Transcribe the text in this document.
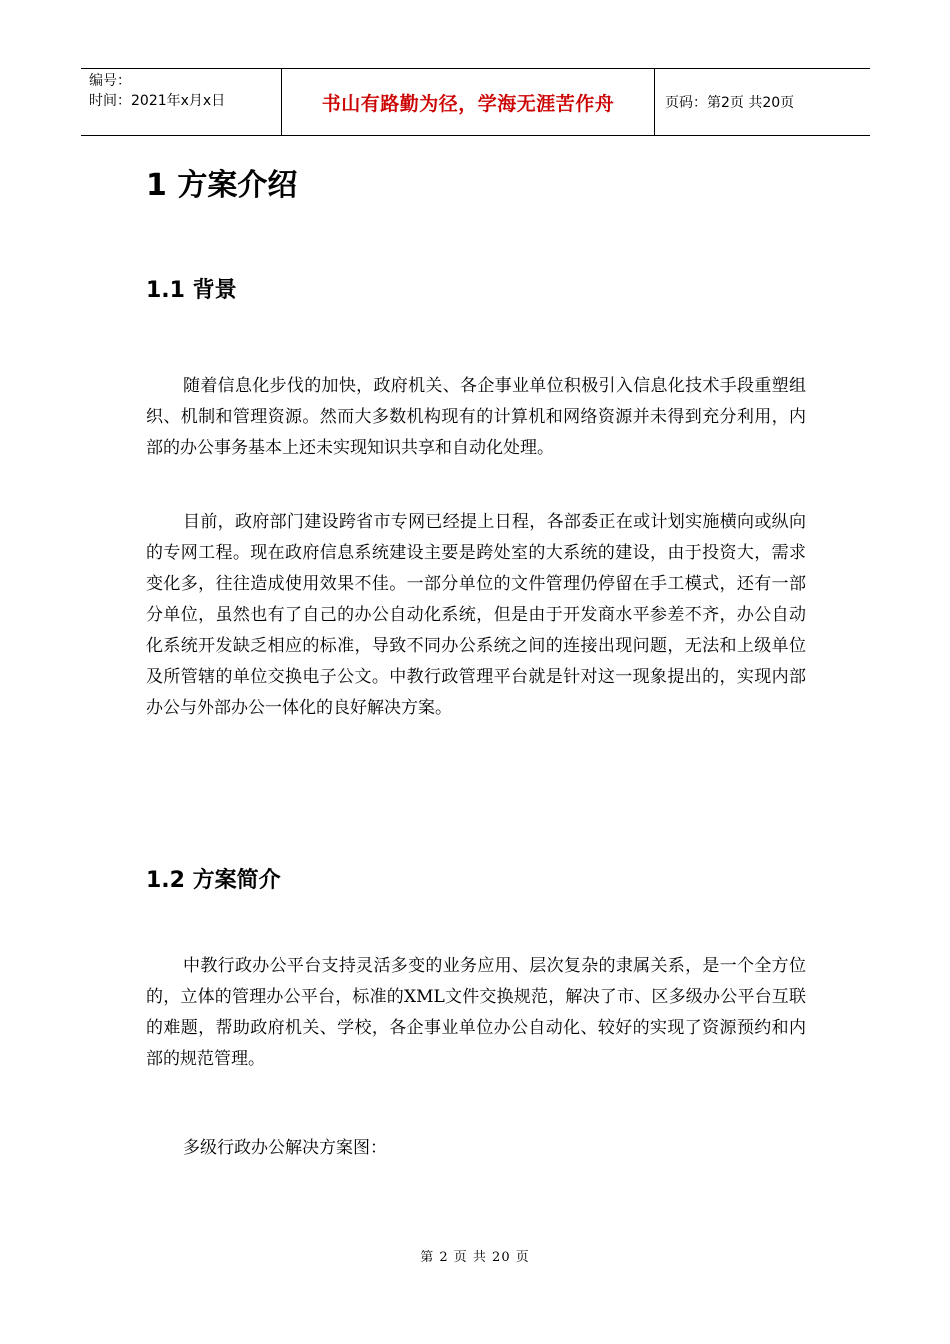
编号：
时间：2021年x月x日	书山有路勤为径，学海无涯苦作舟	页码：第2页 共20页
1 方案介绍
1.1 背景

随着信息化步伐的加快，政府机关、各企事业单位积极引入信息化技术手段重塑组织、机制和管理资源。然而大多数机构现有的计算机和网络资源并未得到充分利用，内部的办公事务基本上还未实现知识共享和自动化处理。

目前，政府部门建设跨省市专网已经提上日程，各部委正在或计划实施横向或纵向的专网工程。现在政府信息系统建设主要是跨处室的大系统的建设，由于投资大，需求变化多，往往造成使用效果不佳。一部分单位的文件管理仍停留在手工模式，还有一部分单位，虽然也有了自己的办公自动化系统，但是由于开发商水平参差不齐，办公自动化系统开发缺乏相应的标准，导致不同办公系统之间的连接出现问题，无法和上级单位及所管辖的单位交换电子公文。中教行政管理平台就是针对这一现象提出的，实现内部办公与外部办公一体化的良好解决方案。

1.2 方案简介

中教行政办公平台支持灵活多变的业务应用、层次复杂的隶属关系，是一个全方位的，立体的管理办公平台，标准的XML文件交换规范，解决了市、区多级办公平台互联的难题，帮助政府机关、学校，各企事业单位办公自动化、较好的实现了资源预约和内部的规范管理。

多级行政办公解决方案图：

第 2 页 共 20 页
